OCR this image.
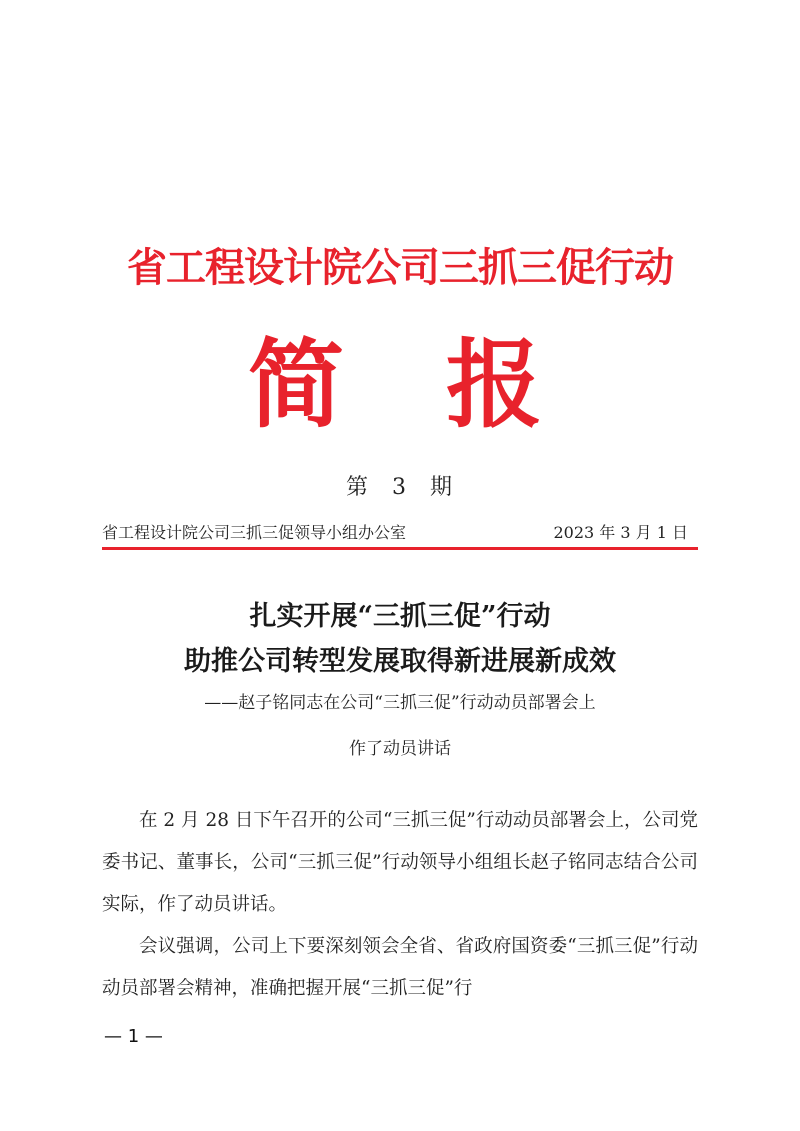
省工程设计院公司三抓三促行动
简 报
第 3 期
省工程设计院公司三抓三促领导小组办公室	2023 年 3 月 1 日
扎实开展“三抓三促”行动
助推公司转型发展取得新进展新成效
——赵子铭同志在公司“三抓三促”行动动员部署会上
作了动员讲话

在 2 月 28 日下午召开的公司“三抓三促”行动动员部署会上，公司党委书记、董事长，公司“三抓三促”行动领导小组组长赵子铭同志结合公司实际，作了动员讲话。

会议强调，公司上下要深刻领会全省、省政府国资委“三抓三促”行动动员部署会精神，准确把握开展“三抓三促”行

— 1 —
